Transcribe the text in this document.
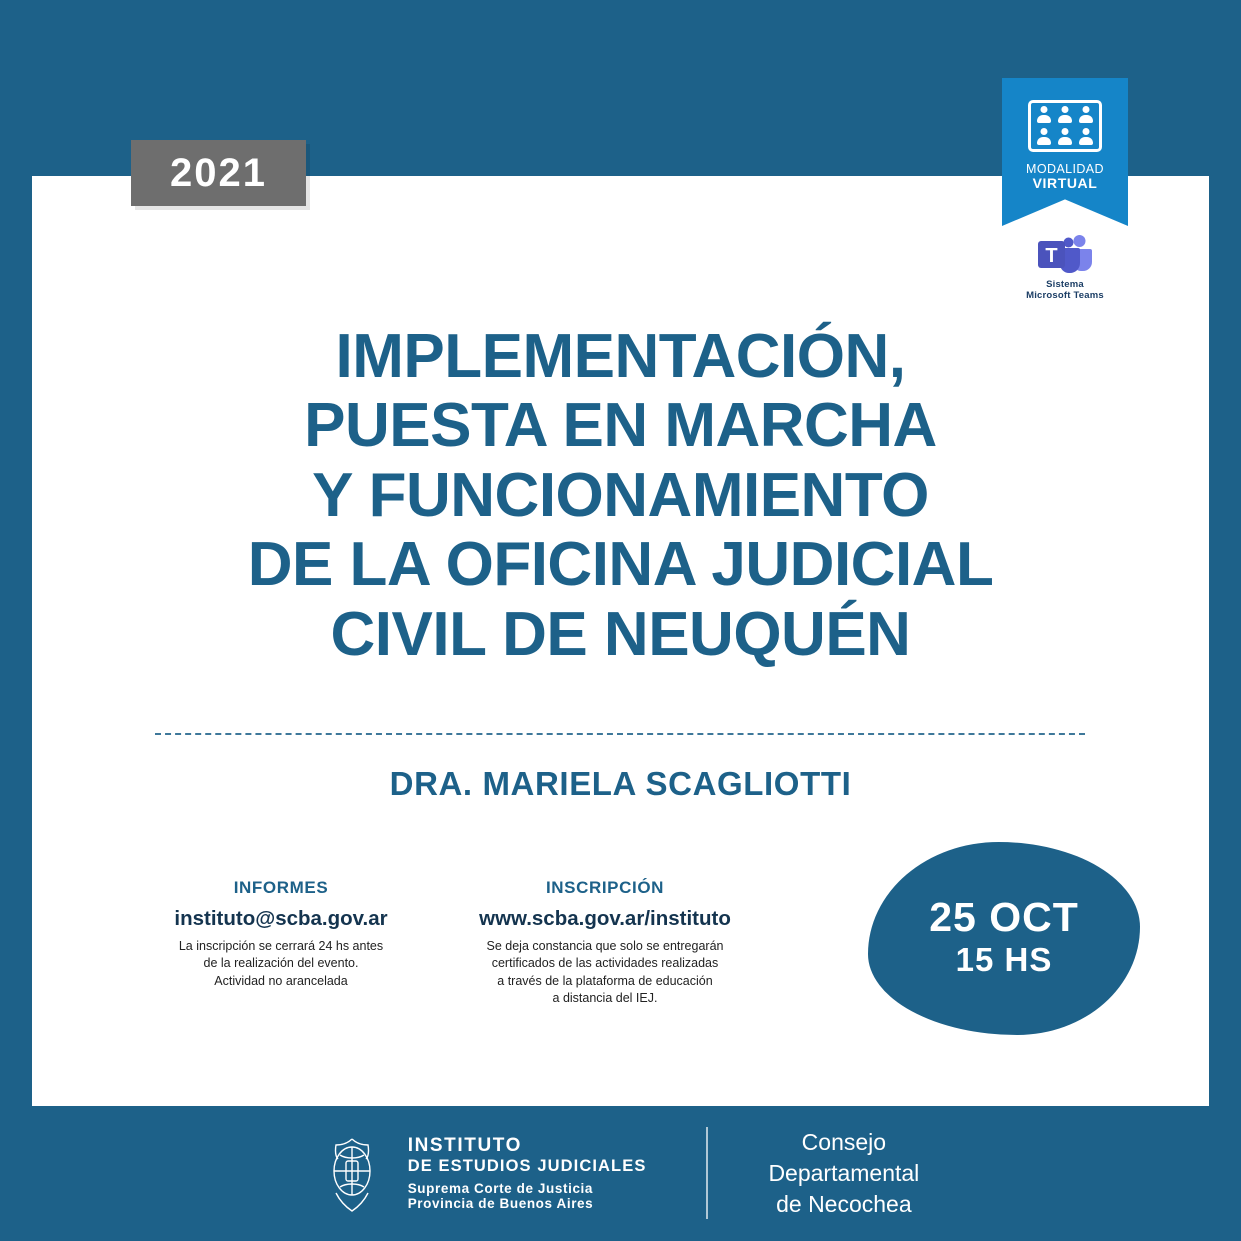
2021	MODALIDAD
VIRTUAL
T
Sistema
Microsoft Teams
IMPLEMENTACIÓN,
PUESTA EN MARCHA
Y FUNCIONAMIENTO
DE LA OFICINA JUDICIAL
CIVIL DE NEUQUÉN
DRA. MARIELA SCAGLIOTTI
INFORMES
instituto@scba.gov.ar
La inscripción se cerrará 24 hs antes
de la realización del evento.
Actividad no arancelada
INSCRIPCIÓN
www.scba.gov.ar/instituto
Se deja constancia que solo se entregarán
certificados de las actividades realizadas
a través de la plataforma de educación
a distancia del IEJ.
25 OCT
15 HS
INSTITUTO
DE ESTUDIOS JUDICIALES
Suprema Corte de Justicia
Provincia de Buenos Aires
Consejo
Departamental
de Necochea
